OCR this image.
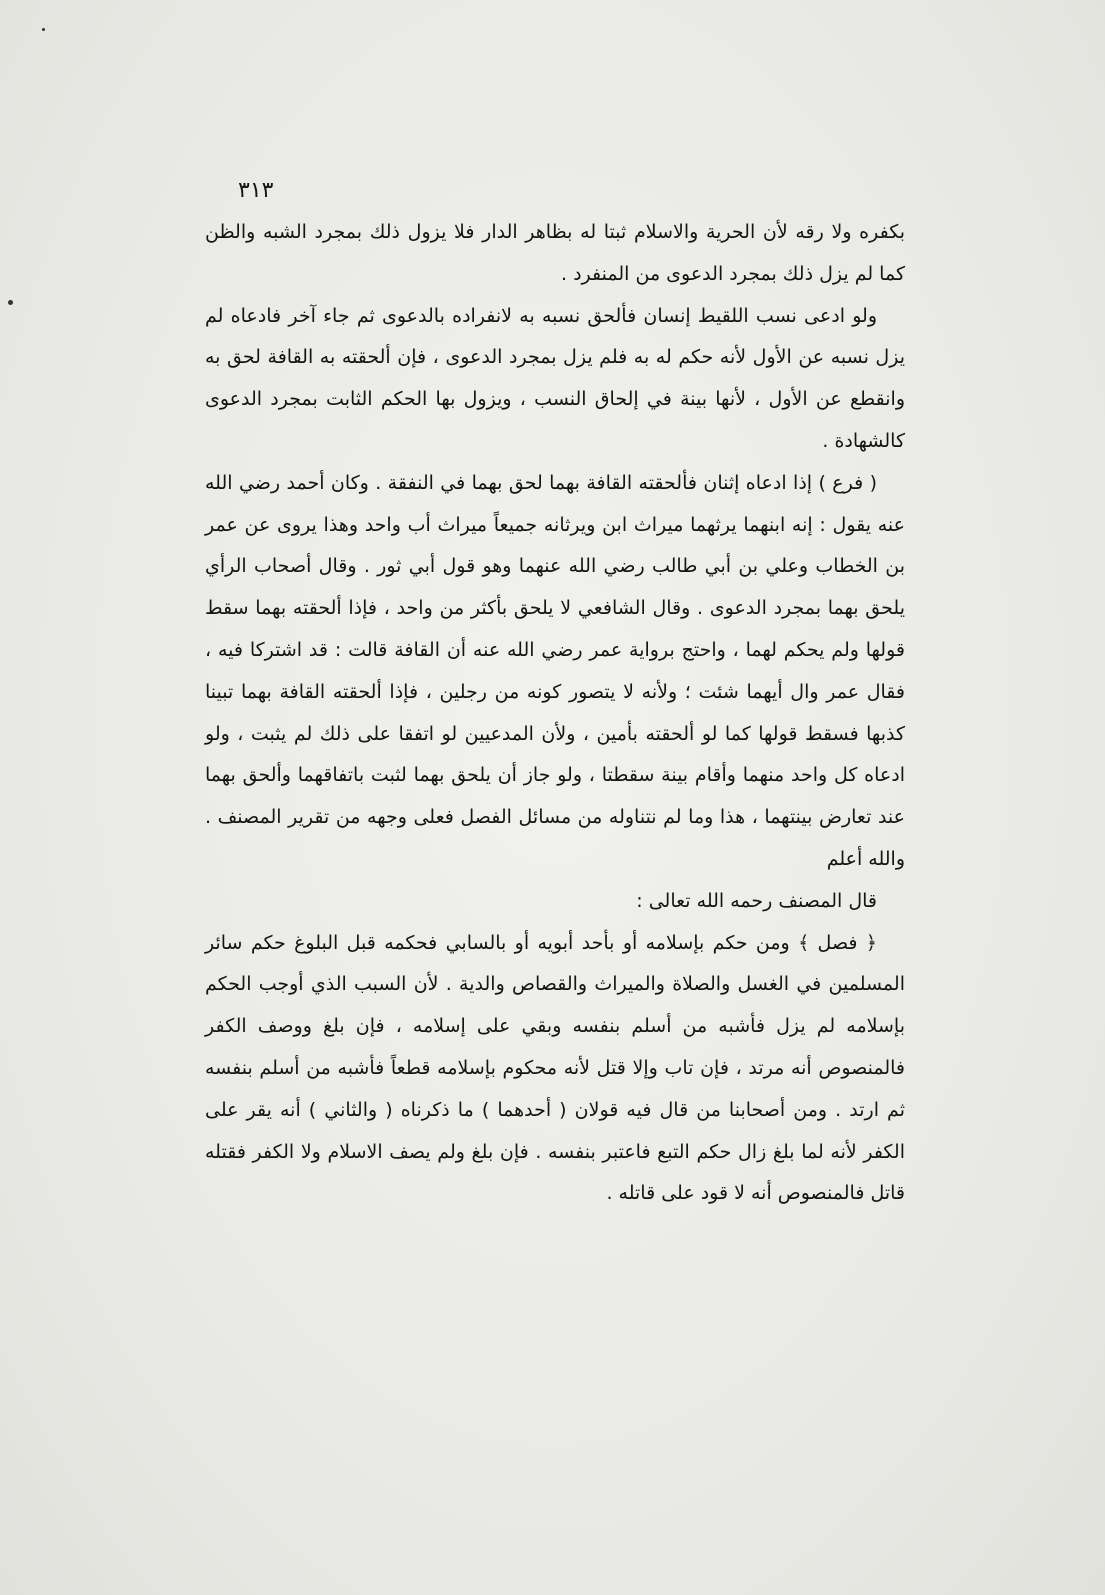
٣١٣

بكفره ولا رقه لأن الحرية والاسلام ثبتا له بظاهر الدار فلا يزول ذلك بمجرد الشبه والظن كما لم يزل ذلك بمجرد الدعوى من المنفرد .

ولو ادعى نسب اللقيط إنسان فألحق نسبه به لانفراده بالدعوى ثم جاء آخر فادعاه لم يزل نسبه عن الأول لأنه حكم له به فلم يزل بمجرد الدعوى ، فإن ألحقته به القافة لحق به وانقطع عن الأول ، لأنها بينة في إلحاق النسب ، ويزول بها الحكم الثابت بمجرد الدعوى كالشهادة .

( فرع ) إذا ادعاه إثنان فألحقته القافة بهما لحق بهما في النفقة . وكان أحمد رضي الله عنه يقول : إنه ابنهما يرثهما ميراث ابن ويرثانه جميعاً ميراث أب واحد وهذا يروى عن عمر بن الخطاب وعلي بن أبي طالب رضي الله عنهما وهو قول أبي ثور . وقال أصحاب الرأي يلحق بهما بمجرد الدعوى . وقال الشافعي لا يلحق بأكثر من واحد ، فإذا ألحقته بهما سقط قولها ولم يحكم لهما ، واحتج برواية عمر رضي الله عنه أن القافة قالت : قد اشتركا فيه ، فقال عمر وال أيهما شئت ؛ ولأنه لا يتصور كونه من رجلين ، فإذا ألحقته القافة بهما تبينا كذبها فسقط قولها كما لو ألحقته بأمين ، ولأن المدعيين لو اتفقا على ذلك لم يثبت ، ولو ادعاه كل واحد منهما وأقام بينة سقطتا ، ولو جاز أن يلحق بهما لثبت باتفاقهما وألحق بهما عند تعارض بينتهما ، هذا وما لم نتناوله من مسائل الفصل فعلى وجهه من تقرير المصنف . والله أعلم

قال المصنف رحمه الله تعالى :

﴿ فصل ﴾ ومن حكم بإسلامه أو بأحد أبويه أو بالسابي فحكمه قبل البلوغ حكم سائر المسلمين في الغسل والصلاة والميراث والقصاص والدية . لأن السبب الذي أوجب الحكم بإسلامه لم يزل فأشبه من أسلم بنفسه وبقي على إسلامه ، فإن بلغ ووصف الكفر فالمنصوص أنه مرتد ، فإن تاب وإلا قتل لأنه محكوم بإسلامه قطعاً فأشبه من أسلم بنفسه ثم ارتد . ومن أصحابنا من قال فيه قولان ( أحدهما ) ما ذكرناه ( والثاني ) أنه يقر على الكفر لأنه لما بلغ زال حكم التبع فاعتبر بنفسه . فإن بلغ ولم يصف الاسلام ولا الكفر فقتله قاتل فالمنصوص أنه لا قود على قاتله .
